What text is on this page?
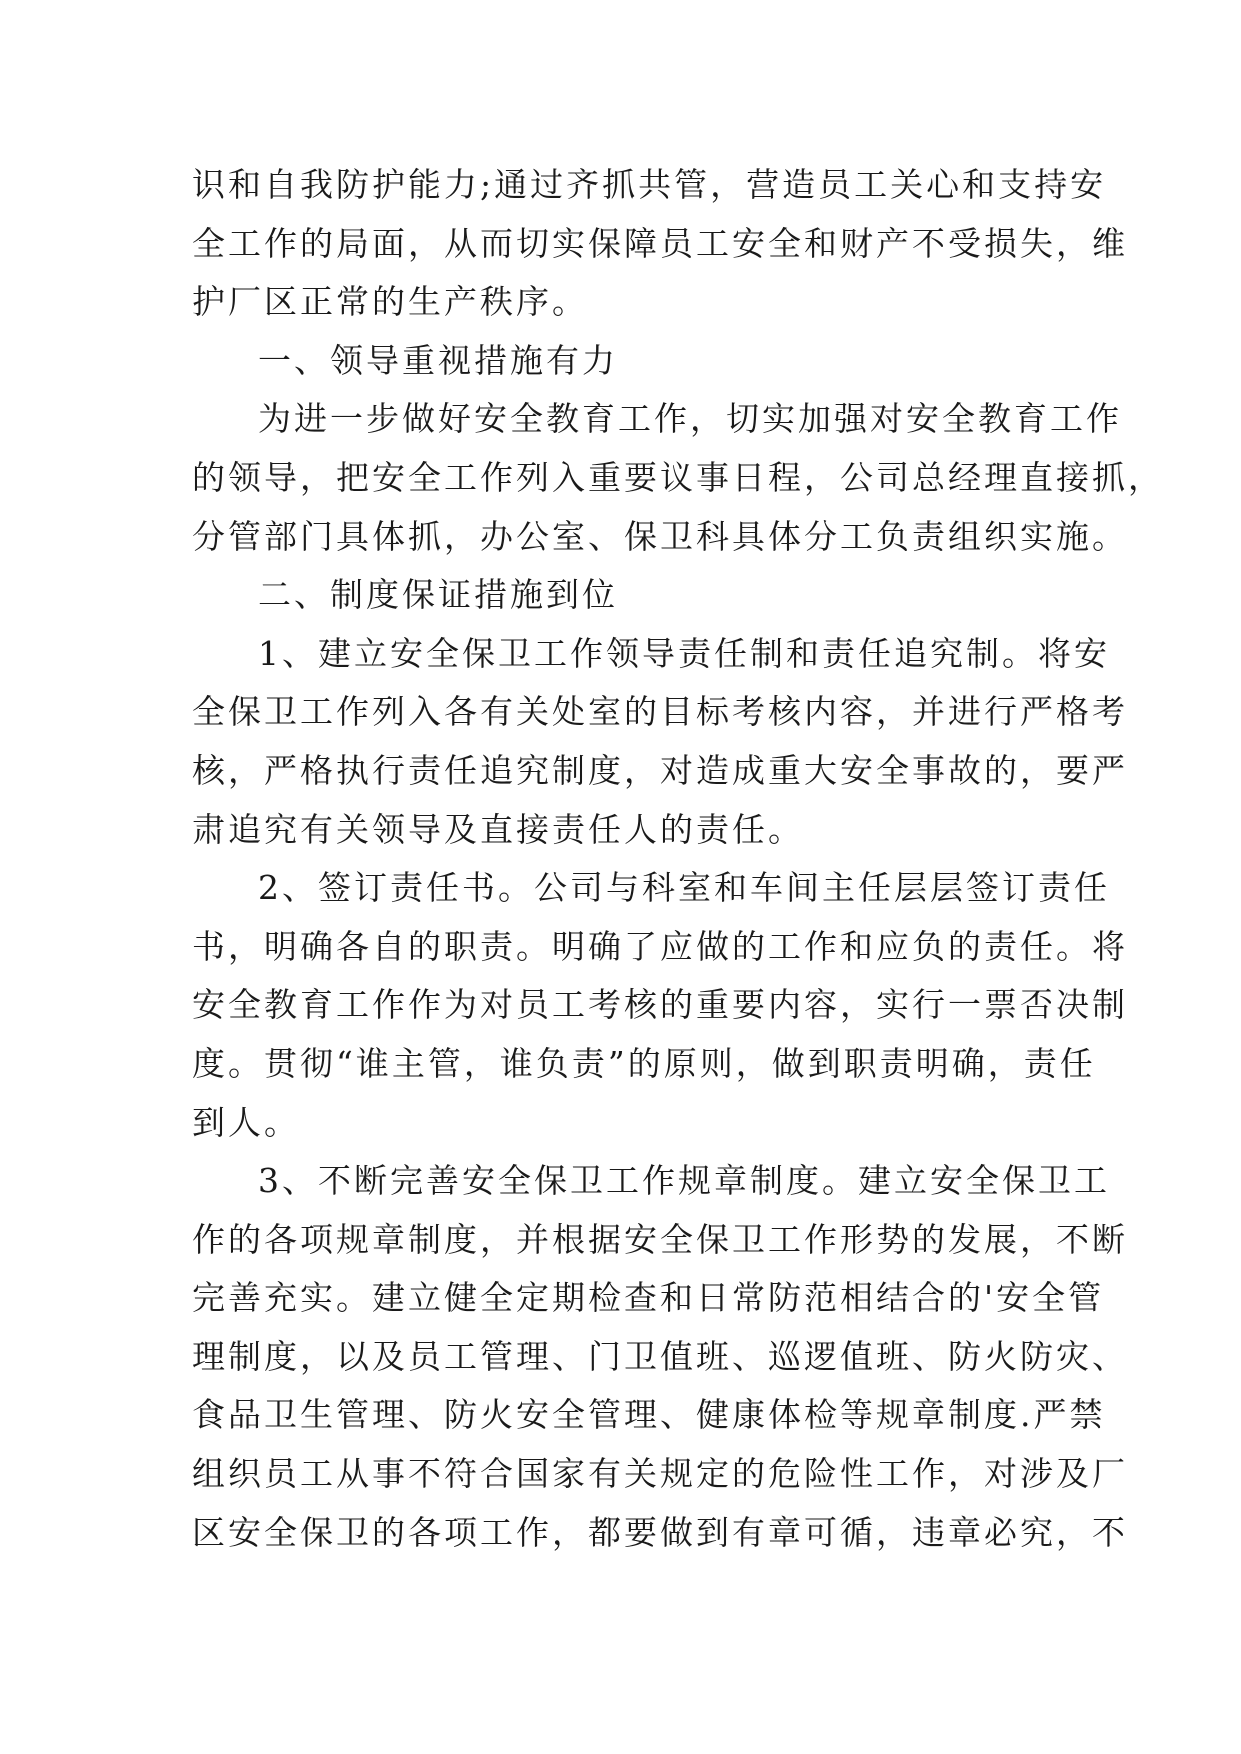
识和自我防护能力;通过齐抓共管，营造员工关心和支持安
全工作的局面，从而切实保障员工安全和财产不受损失，维
护厂区正常的生产秩序。
一、领导重视措施有力
为进一步做好安全教育工作，切实加强对安全教育工作
的领导，把安全工作列入重要议事日程，公司总经理直接抓，
分管部门具体抓，办公室、保卫科具体分工负责组织实施。
二、制度保证措施到位
1、建立安全保卫工作领导责任制和责任追究制。将安
全保卫工作列入各有关处室的目标考核内容，并进行严格考
核，严格执行责任追究制度，对造成重大安全事故的，要严
肃追究有关领导及直接责任人的责任。
2、签订责任书。公司与科室和车间主任层层签订责任
书，明确各自的职责。明确了应做的工作和应负的责任。将
安全教育工作作为对员工考核的重要内容，实行一票否决制
度。贯彻“谁主管，谁负责”的原则，做到职责明确，责任
到人。
3、不断完善安全保卫工作规章制度。建立安全保卫工
作的各项规章制度，并根据安全保卫工作形势的发展，不断
完善充实。建立健全定期检查和日常防范相结合的'安全管
理制度，以及员工管理、门卫值班、巡逻值班、防火防灾、
食品卫生管理、防火安全管理、健康体检等规章制度.严禁
组织员工从事不符合国家有关规定的危险性工作，对涉及厂
区安全保卫的各项工作，都要做到有章可循，违章必究，不
